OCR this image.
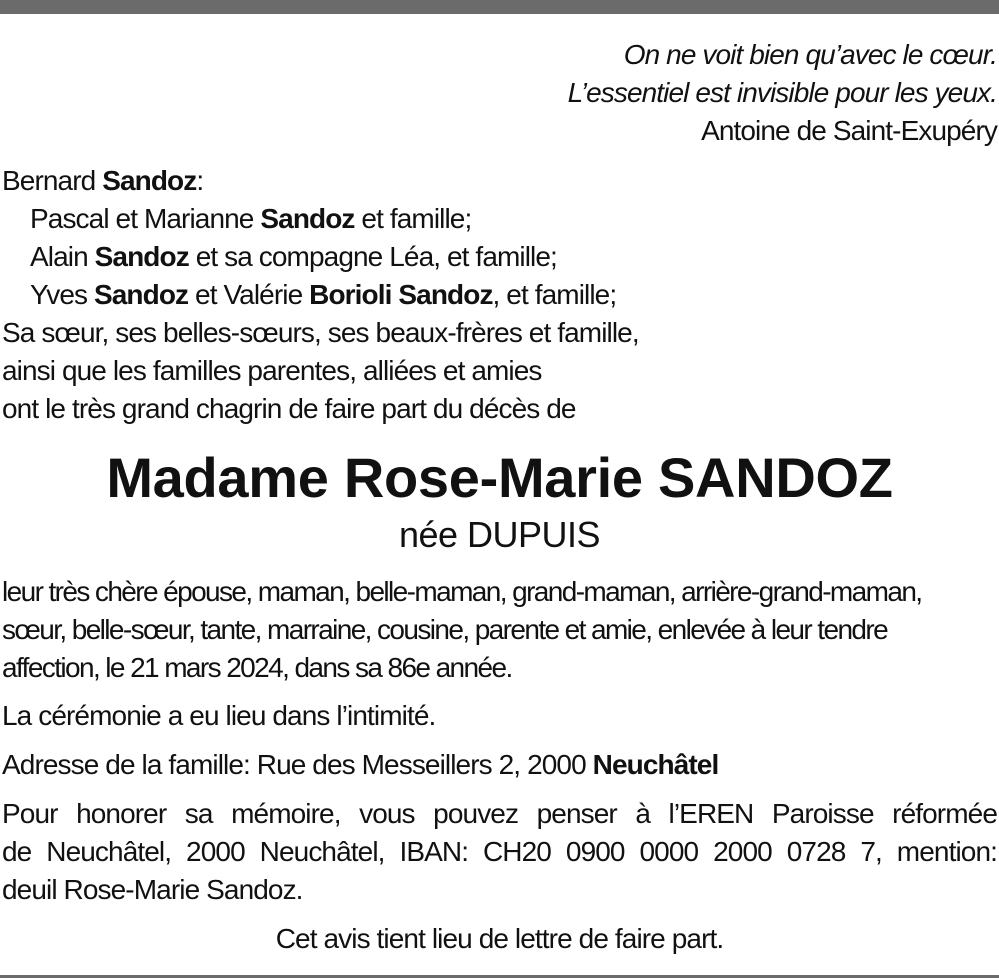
On ne voit bien qu’avec le cœur.
L’essentiel est invisible pour les yeux.
Antoine de Saint-Exupéry
Bernard Sandoz:
Pascal et Marianne Sandoz et famille;
Alain Sandoz et sa compagne Léa, et famille;
Yves Sandoz et Valérie Borioli Sandoz, et famille;
Sa sœur, ses belles-sœurs, ses beaux-frères et famille,
ainsi que les familles parentes, alliées et amies
ont le très grand chagrin de faire part du décès de
Madame Rose-Marie SANDOZ
née DUPUIS
leur très chère épouse, maman, belle-maman, grand-maman, arrière-grand-maman,
sœur, belle-sœur, tante, marraine, cousine, parente et amie, enlevée à leur tendre
affection, le 21 mars 2024, dans sa 86e année.
La cérémonie a eu lieu dans l’intimité.
Adresse de la famille: Rue des Messeillers 2, 2000 Neuchâtel
Pour honorer sa mémoire, vous pouvez penser à l’EREN Paroisse réformée
de Neuchâtel, 2000 Neuchâtel, IBAN: CH20 0900 0000 2000 0728 7, mention:
deuil Rose-Marie Sandoz.
Cet avis tient lieu de lettre de faire part.
